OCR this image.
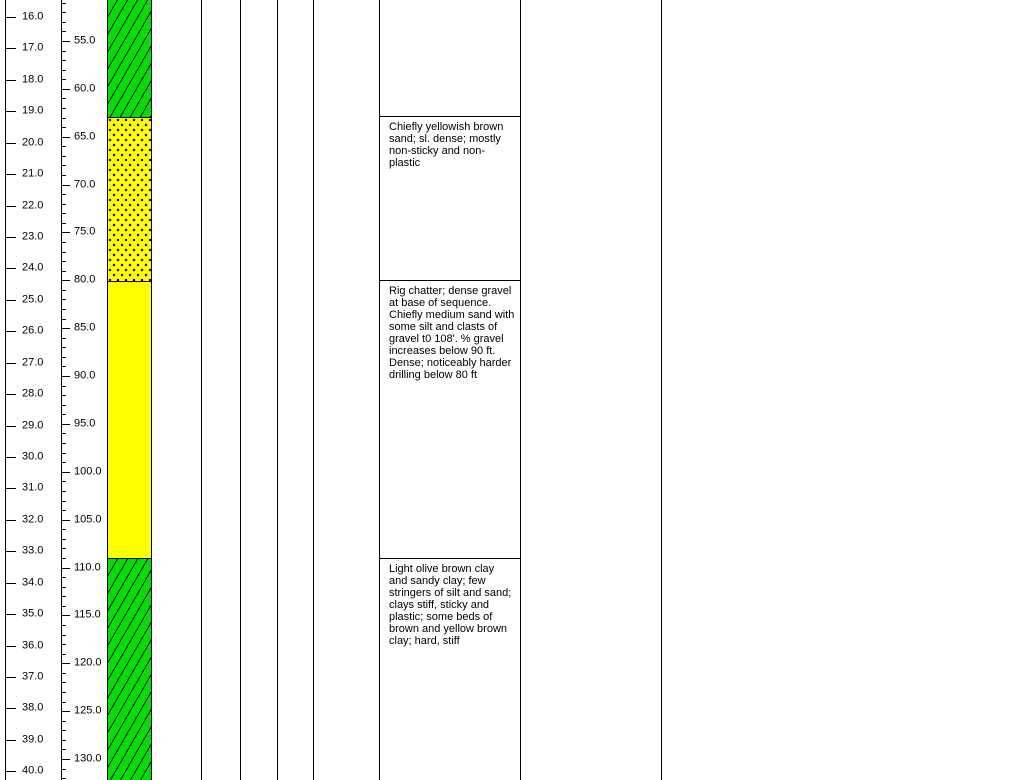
16.0
17.0
18.0
19.0
20.0
21.0
22.0
23.0
24.0
25.0
26.0
27.0
28.0
29.0
30.0
31.0
32.0
33.0
34.0
35.0
36.0
37.0
38.0
39.0
40.0
55.0
60.0
65.0
70.0
75.0
80.0
85.0
90.0
95.0
100.0
105.0
110.0
115.0
120.0
125.0
130.0
Chiefly yellowish brown sand; sl. dense; mostly non-sticky and non-plastic
Rig chatter; dense gravel at base of sequence. Chiefly medium sand with some silt and clasts of gravel t0 108'. % gravel increases below 90 ft. Dense; noticeably harder drilling below 80 ft
Light olive brown clay and sandy clay; few stringers of silt and sand; clays stiff, sticky and plastic; some beds of brown and yellow brown clay; hard, stiff
